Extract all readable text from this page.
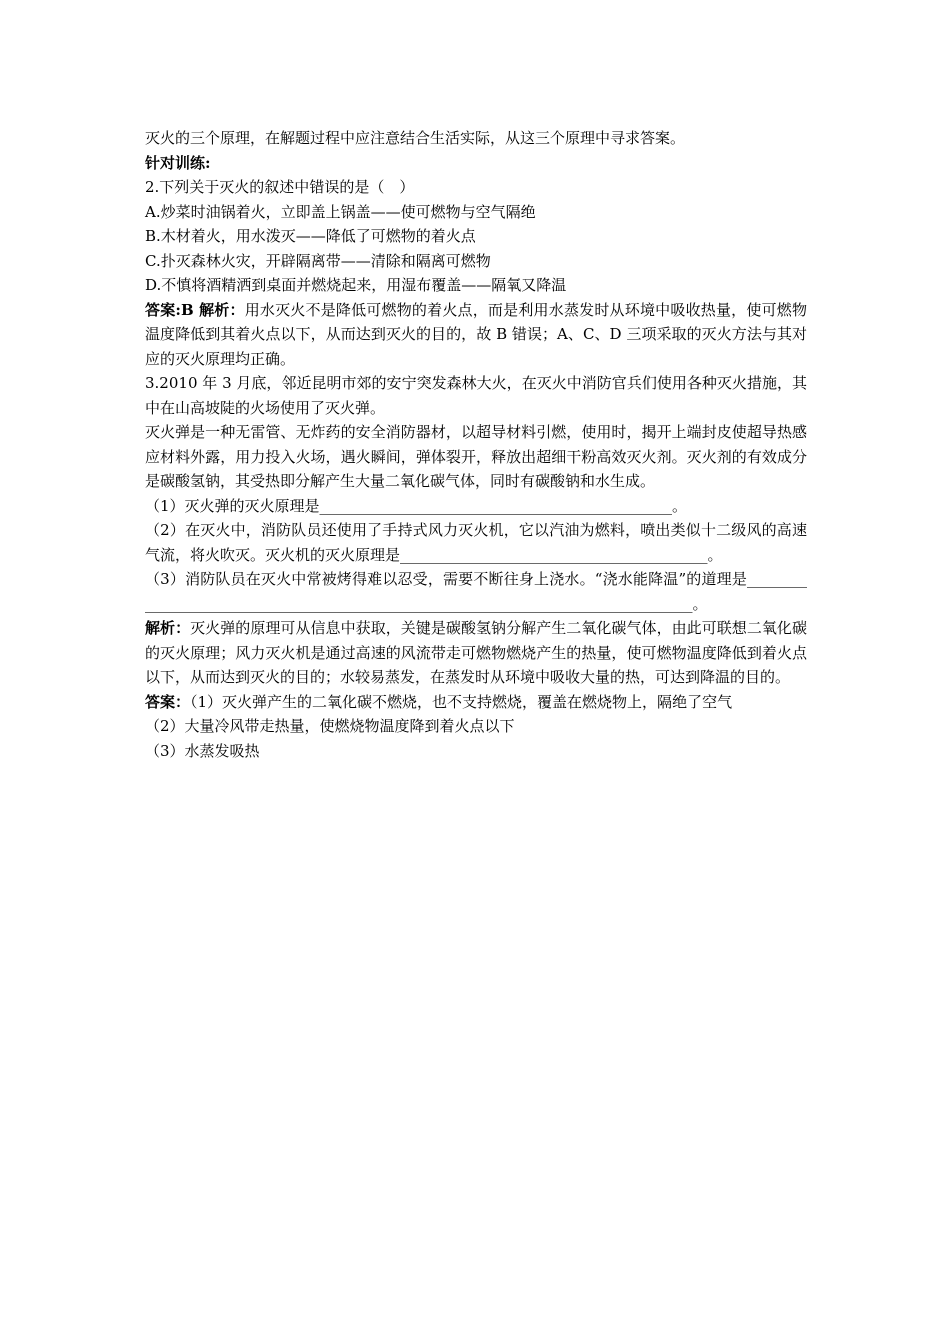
灭火的三个原理，在解题过程中应注意结合生活实际，从这三个原理中寻求答案。
针对训练:
2.下列关于灭火的叙述中错误的是（　）
A.炒菜时油锅着火，立即盖上锅盖——使可燃物与空气隔绝
B.木材着火，用水泼灭——降低了可燃物的着火点
C.扑灭森林火灾，开辟隔离带——清除和隔离可燃物
D.不慎将酒精洒到桌面并燃烧起来，用湿布覆盖——隔氧又降温
答案:B 解析：用水灭火不是降低可燃物的着火点，而是利用水蒸发时从环境中吸收热量，使可燃物温度降低到其着火点以下，从而达到灭火的目的，故 B 错误；A、C、D 三项采取的灭火方法与其对应的灭火原理均正确。
3.2010 年 3 月底，邻近昆明市郊的安宁突发森林大火，在灭火中消防官兵们使用各种灭火措施，其中在山高坡陡的火场使用了灭火弹。
灭火弹是一种无雷管、无炸药的安全消防器材，以超导材料引燃，使用时，揭开上端封皮使超导热感应材料外露，用力投入火场，遇火瞬间，弹体裂开，释放出超细干粉高效灭火剂。灭火剂的有效成分是碳酸氢钠，其受热即分解产生大量二氧化碳气体，同时有碳酸钠和水生成。
（1）灭火弹的灭火原理是_______________________________________________。
（2）在灭火中，消防队员还使用了手持式风力灭火机，它以汽油为燃料，喷出类似十二级风的高速气流，将火吹灭。灭火机的灭火原理是_________________________________________。
（3）消防队员在灭火中常被烤得难以忍受，需要不断往身上浇水。“浇水能降温”的道理是_________________________________________________________________________________。
解析：灭火弹的原理可从信息中获取，关键是碳酸氢钠分解产生二氧化碳气体，由此可联想二氧化碳的灭火原理；风力灭火机是通过高速的风流带走可燃物燃烧产生的热量，使可燃物温度降低到着火点以下，从而达到灭火的目的；水较易蒸发，在蒸发时从环境中吸收大量的热，可达到降温的目的。
答案：（1）灭火弹产生的二氧化碳不燃烧，也不支持燃烧，覆盖在燃烧物上，隔绝了空气
（2）大量冷风带走热量，使燃烧物温度降到着火点以下
（3）水蒸发吸热
